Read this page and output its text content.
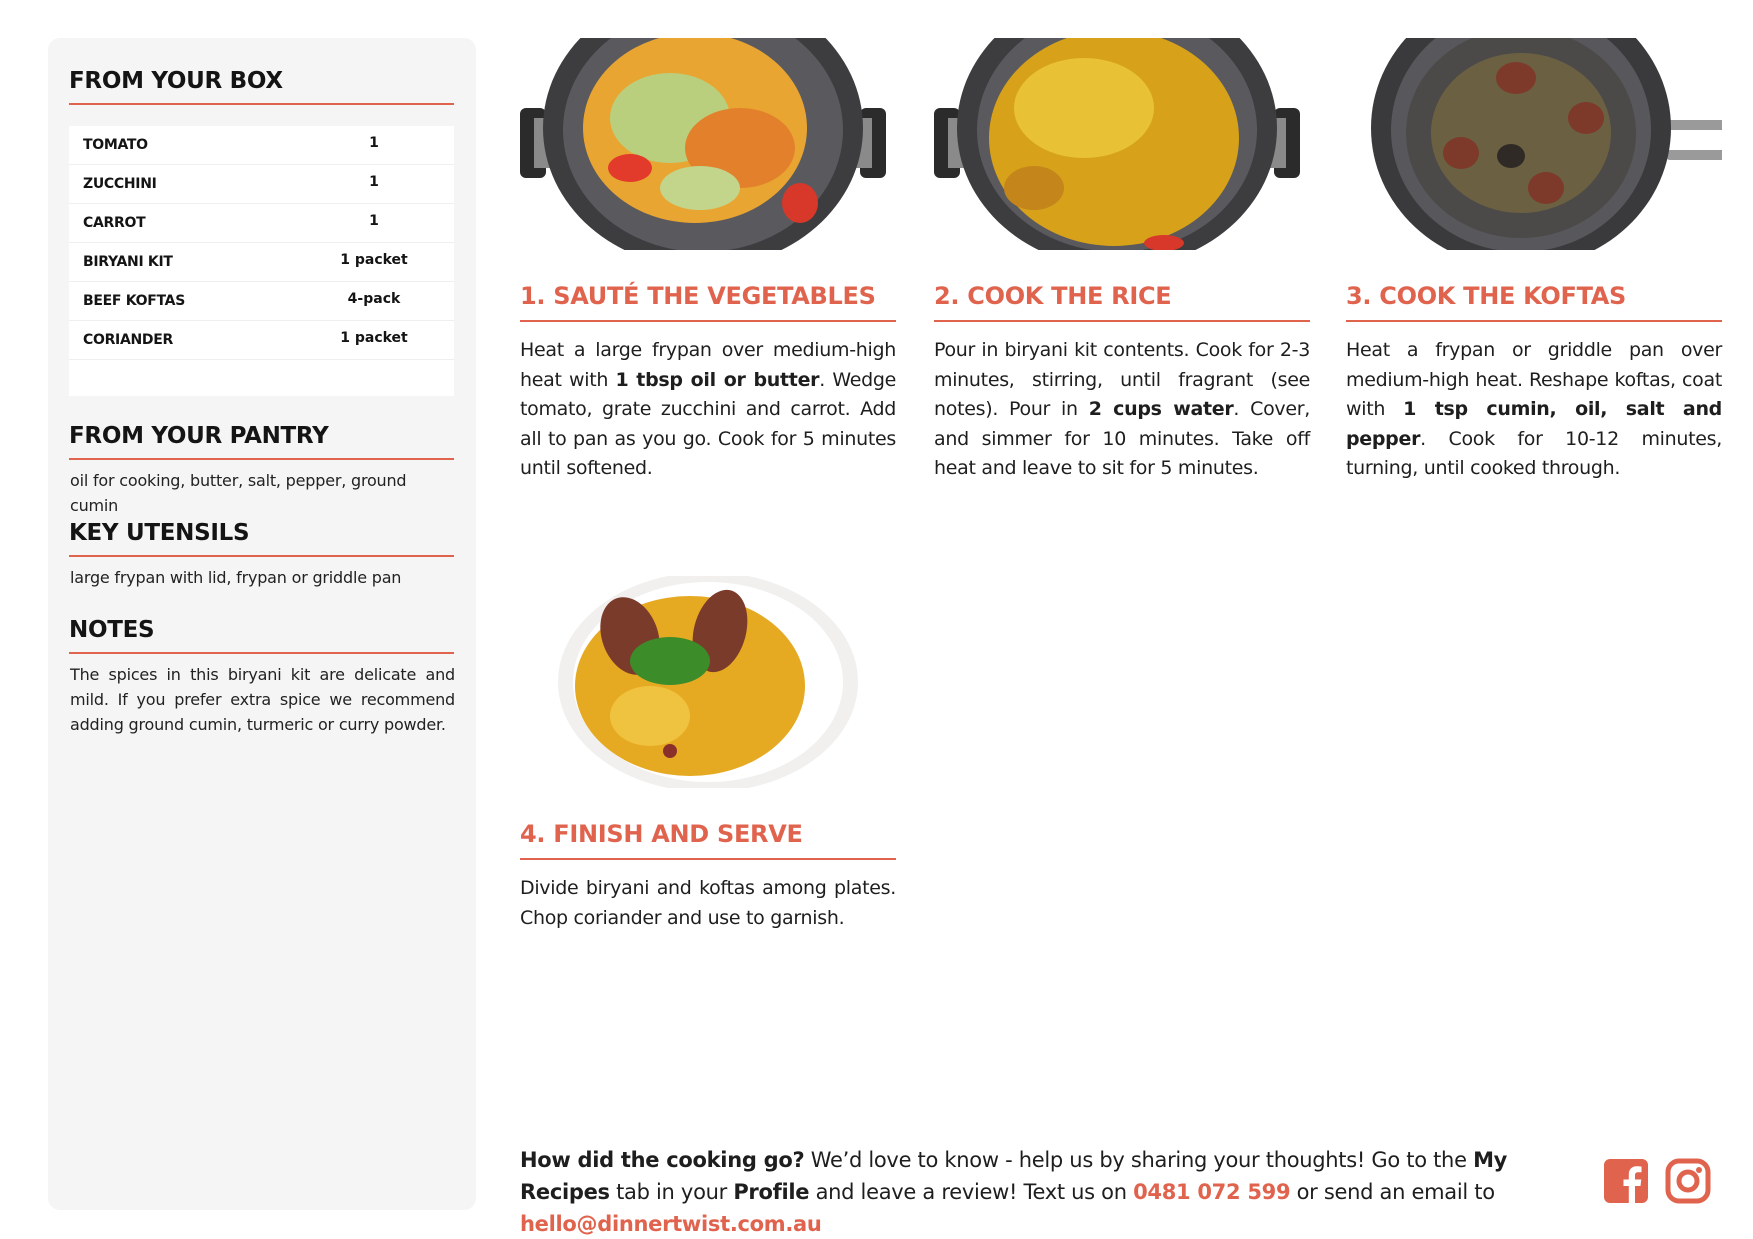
FROM YOUR BOX
TOMATO	1
ZUCCHINI	1
CARROT	1
BIRYANI KIT	1 packet
BEEF KOFTAS	4-pack
CORIANDER	1 packet
FROM YOUR PANTRY
oil for cooking, butter, salt, pepper, ground cumin
KEY UTENSILS
large frypan with lid, frypan or griddle pan
NOTES
The spices in this biryani kit are delicate and mild. If you prefer extra spice we recommend adding ground cumin, turmeric or curry powder.
1. SAUTÉ THE VEGETABLES
Heat a large frypan over medium-high heat with 1 tbsp oil or butter. Wedge tomato, grate zucchini and carrot. Add all to pan as you go. Cook for 5 minutes until softened.
2. COOK THE RICE
Pour in biryani kit contents. Cook for 2-3 minutes, stirring, until fragrant (see notes). Pour in 2 cups water. Cover, and simmer for 10 minutes. Take off heat and leave to sit for 5 minutes.
3. COOK THE KOFTAS
Heat a frypan or griddle pan over medium-high heat. Reshape koftas, coat with 1 tsp cumin, oil, salt and pepper. Cook for 10-12 minutes, turning, until cooked through.
4. FINISH AND SERVE
Divide biryani and koftas among plates. Chop coriander and use to garnish.
How did the cooking go? We’d love to know - help us by sharing your thoughts! Go to the My Recipes tab in your Profile and leave a review! Text us on 0481 072 599 or send an email to hello@dinnertwist.com.au
